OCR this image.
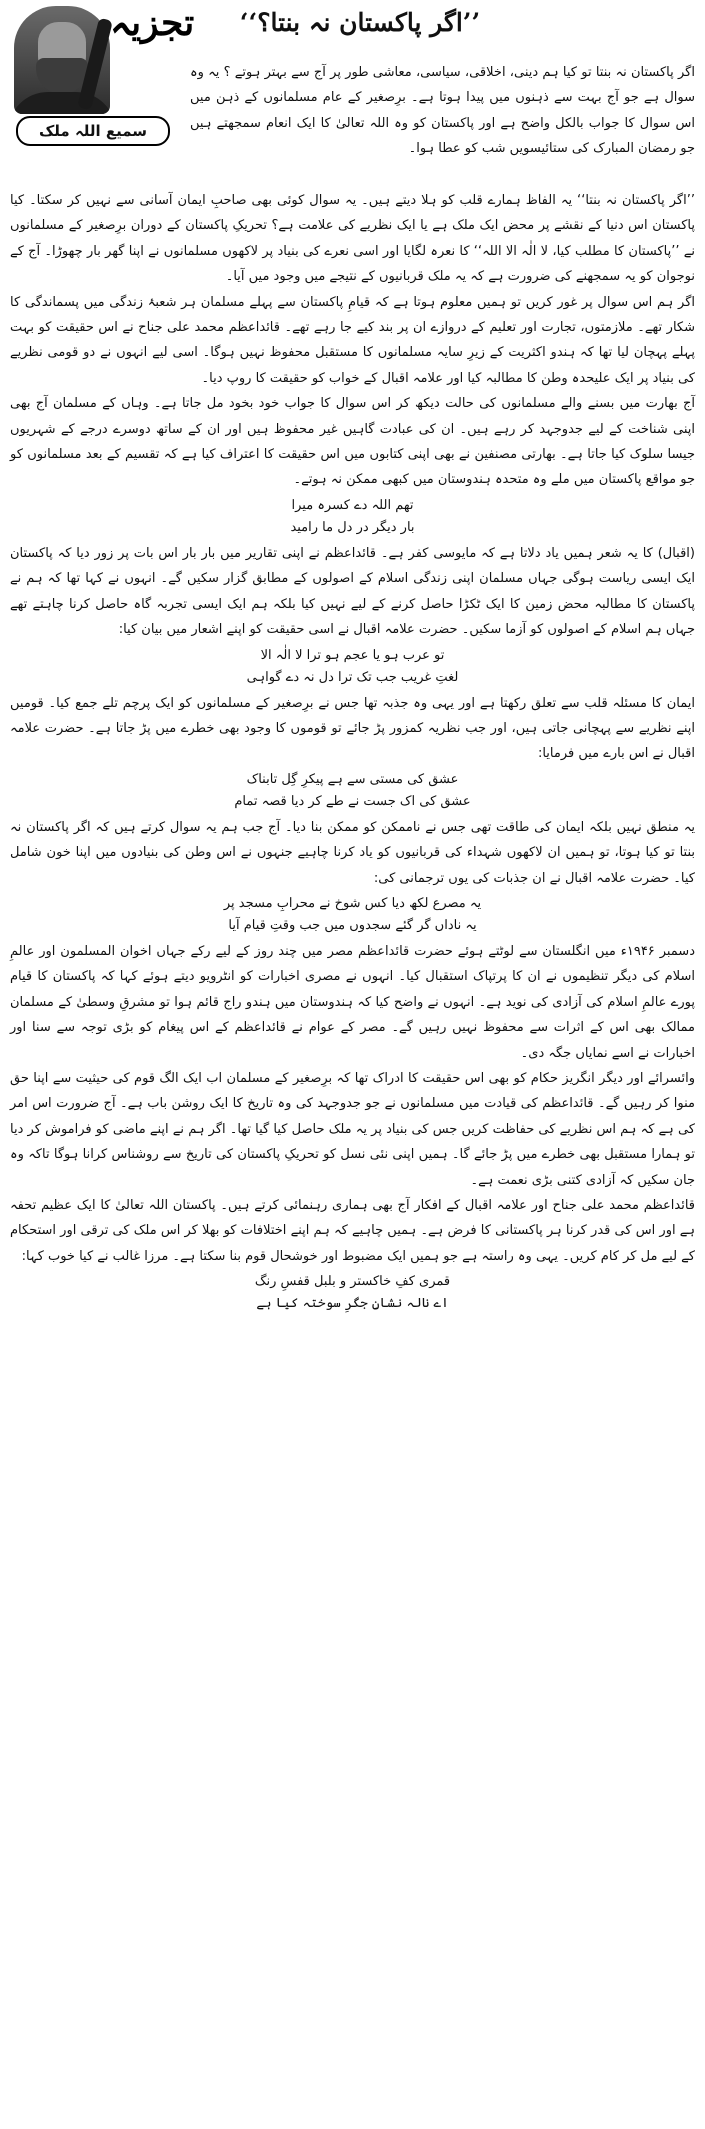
تجزیہ	’’اگر پاکستان نہ بنتا؟‘‘
سمیع اللہ ملک

اگر پاکستان نہ بنتا تو کیا ہم دینی، اخلاقی، سیاسی، معاشی طور پر آج سے بہتر ہوتے ؟ یہ وہ سوال ہے جو آج بہت سے ذہنوں میں پیدا ہوتا ہے۔ برِصغیر کے عام مسلمانوں کے ذہن میں اس سوال کا جواب بالکل واضح ہے اور پاکستان کو وہ اللہ تعالیٰ کا ایک انعام سمجھتے ہیں جو رمضان المبارک کی ستائیسویں شب کو عطا ہوا۔

’’اگر پاکستان نہ بنتا‘‘ یہ الفاظ ہمارے قلب کو ہلا دیتے ہیں۔ یہ سوال کوئی بھی صاحبِ ایمان آسانی سے نہیں کر سکتا۔ کیا پاکستان اس دنیا کے نقشے پر محض ایک ملک ہے یا ایک نظریے کی علامت ہے؟ تحریکِ پاکستان کے دوران برِصغیر کے مسلمانوں نے ’’پاکستان کا مطلب کیا، لا الٰہ الا اللہ‘‘ کا نعرہ لگایا اور اسی نعرے کی بنیاد پر لاکھوں مسلمانوں نے اپنا گھر بار چھوڑا۔ آج کے نوجوان کو یہ سمجھنے کی ضرورت ہے کہ یہ ملک قربانیوں کے نتیجے میں وجود میں آیا۔

اگر ہم اس سوال پر غور کریں تو ہمیں معلوم ہوتا ہے کہ قیامِ پاکستان سے پہلے مسلمان ہر شعبۂ زندگی میں پسماندگی کا شکار تھے۔ ملازمتوں، تجارت اور تعلیم کے دروازے ان پر بند کیے جا رہے تھے۔ قائداعظم محمد علی جناح نے اس حقیقت کو بہت پہلے پہچان لیا تھا کہ ہندو اکثریت کے زیرِ سایہ مسلمانوں کا مستقبل محفوظ نہیں ہوگا۔ اسی لیے انہوں نے دو قومی نظریے کی بنیاد پر ایک علیحدہ وطن کا مطالبہ کیا اور علامہ اقبال کے خواب کو حقیقت کا روپ دیا۔

آج بھارت میں بسنے والے مسلمانوں کی حالت دیکھ کر اس سوال کا جواب خود بخود مل جاتا ہے۔ وہاں کے مسلمان آج بھی اپنی شناخت کے لیے جدوجہد کر رہے ہیں۔ ان کی عبادت گاہیں غیر محفوظ ہیں اور ان کے ساتھ دوسرے درجے کے شہریوں جیسا سلوک کیا جاتا ہے۔ بھارتی مصنفین نے بھی اپنی کتابوں میں اس حقیقت کا اعتراف کیا ہے کہ تقسیم کے بعد مسلمانوں کو جو مواقع پاکستان میں ملے وہ متحدہ ہندوستان میں کبھی ممکن نہ ہوتے۔

تھم اللہ دے کسرہ میرا
بار دیگر در دل ما رامید

(اقبال) کا یہ شعر ہمیں یاد دلاتا ہے کہ مایوسی کفر ہے۔ قائداعظم نے اپنی تقاریر میں بار بار اس بات پر زور دیا کہ پاکستان ایک ایسی ریاست ہوگی جہاں مسلمان اپنی زندگی اسلام کے اصولوں کے مطابق گزار سکیں گے۔ انہوں نے کہا تھا کہ ہم نے پاکستان کا مطالبہ محض زمین کا ایک ٹکڑا حاصل کرنے کے لیے نہیں کیا بلکہ ہم ایک ایسی تجربہ گاہ حاصل کرنا چاہتے تھے جہاں ہم اسلام کے اصولوں کو آزما سکیں۔ حضرت علامہ اقبال نے اسی حقیقت کو اپنے اشعار میں بیان کیا:

تو عرب ہو یا عجم ہو ترا لا الٰہ الا
لغتِ غریب جب تک ترا دل نہ دے گواہی

ایمان کا مسئلہ قلب سے تعلق رکھتا ہے اور یہی وہ جذبہ تھا جس نے برِصغیر کے مسلمانوں کو ایک پرچم تلے جمع کیا۔ قومیں اپنے نظریے سے پہچانی جاتی ہیں، اور جب نظریہ کمزور پڑ جائے تو قوموں کا وجود بھی خطرے میں پڑ جاتا ہے۔ حضرت علامہ اقبال نے اس بارے میں فرمایا:

عشق کی مستی سے ہے پیکرِ گِل تابناک
عشق کی اک جست نے طے کر دیا قصہ تمام

یہ منطق نہیں بلکہ ایمان کی طاقت تھی جس نے ناممکن کو ممکن بنا دیا۔ آج جب ہم یہ سوال کرتے ہیں کہ اگر پاکستان نہ بنتا تو کیا ہوتا، تو ہمیں ان لاکھوں شہداء کی قربانیوں کو یاد کرنا چاہیے جنہوں نے اس وطن کی بنیادوں میں اپنا خون شامل کیا۔ حضرت علامہ اقبال نے ان جذبات کی یوں ترجمانی کی:

یہ مصرع لکھ دیا کس شوخ نے محرابِ مسجد پر
یہ ناداں گر گئے سجدوں میں جب وقتِ قیام آیا

دسمبر ۱۹۴۶ء میں انگلستان سے لوٹتے ہوئے حضرت قائداعظم مصر میں چند روز کے لیے رکے جہاں اخوان المسلمون اور عالمِ اسلام کی دیگر تنظیموں نے ان کا پرتپاک استقبال کیا۔ انہوں نے مصری اخبارات کو انٹرویو دیتے ہوئے کہا کہ پاکستان کا قیام پورے عالمِ اسلام کی آزادی کی نوید ہے۔ انہوں نے واضح کیا کہ ہندوستان میں ہندو راج قائم ہوا تو مشرقِ وسطیٰ کے مسلمان ممالک بھی اس کے اثرات سے محفوظ نہیں رہیں گے۔ مصر کے عوام نے قائداعظم کے اس پیغام کو بڑی توجہ سے سنا اور اخبارات نے اسے نمایاں جگہ دی۔

وائسرائے اور دیگر انگریز حکام کو بھی اس حقیقت کا ادراک تھا کہ برِصغیر کے مسلمان اب ایک الگ قوم کی حیثیت سے اپنا حق منوا کر رہیں گے۔ قائداعظم کی قیادت میں مسلمانوں نے جو جدوجہد کی وہ تاریخ کا ایک روشن باب ہے۔ آج ضرورت اس امر کی ہے کہ ہم اس نظریے کی حفاظت کریں جس کی بنیاد پر یہ ملک حاصل کیا گیا تھا۔ اگر ہم نے اپنے ماضی کو فراموش کر دیا تو ہمارا مستقبل بھی خطرے میں پڑ جائے گا۔ ہمیں اپنی نئی نسل کو تحریکِ پاکستان کی تاریخ سے روشناس کرانا ہوگا تاکہ وہ جان سکیں کہ آزادی کتنی بڑی نعمت ہے۔

قائداعظم محمد علی جناح اور علامہ اقبال کے افکار آج بھی ہماری رہنمائی کرتے ہیں۔ پاکستان اللہ تعالیٰ کا ایک عظیم تحفہ ہے اور اس کی قدر کرنا ہر پاکستانی کا فرض ہے۔ ہمیں چاہیے کہ ہم اپنے اختلافات کو بھلا کر اس ملک کی ترقی اور استحکام کے لیے مل کر کام کریں۔ یہی وہ راستہ ہے جو ہمیں ایک مضبوط اور خوشحال قوم بنا سکتا ہے۔ مرزا غالب نے کیا خوب کہا:

قمری کفِ خاکستر و بلبل قفسِ رنگ
اے نالہ نشانِ جگرِ سوختہ کیا ہے
